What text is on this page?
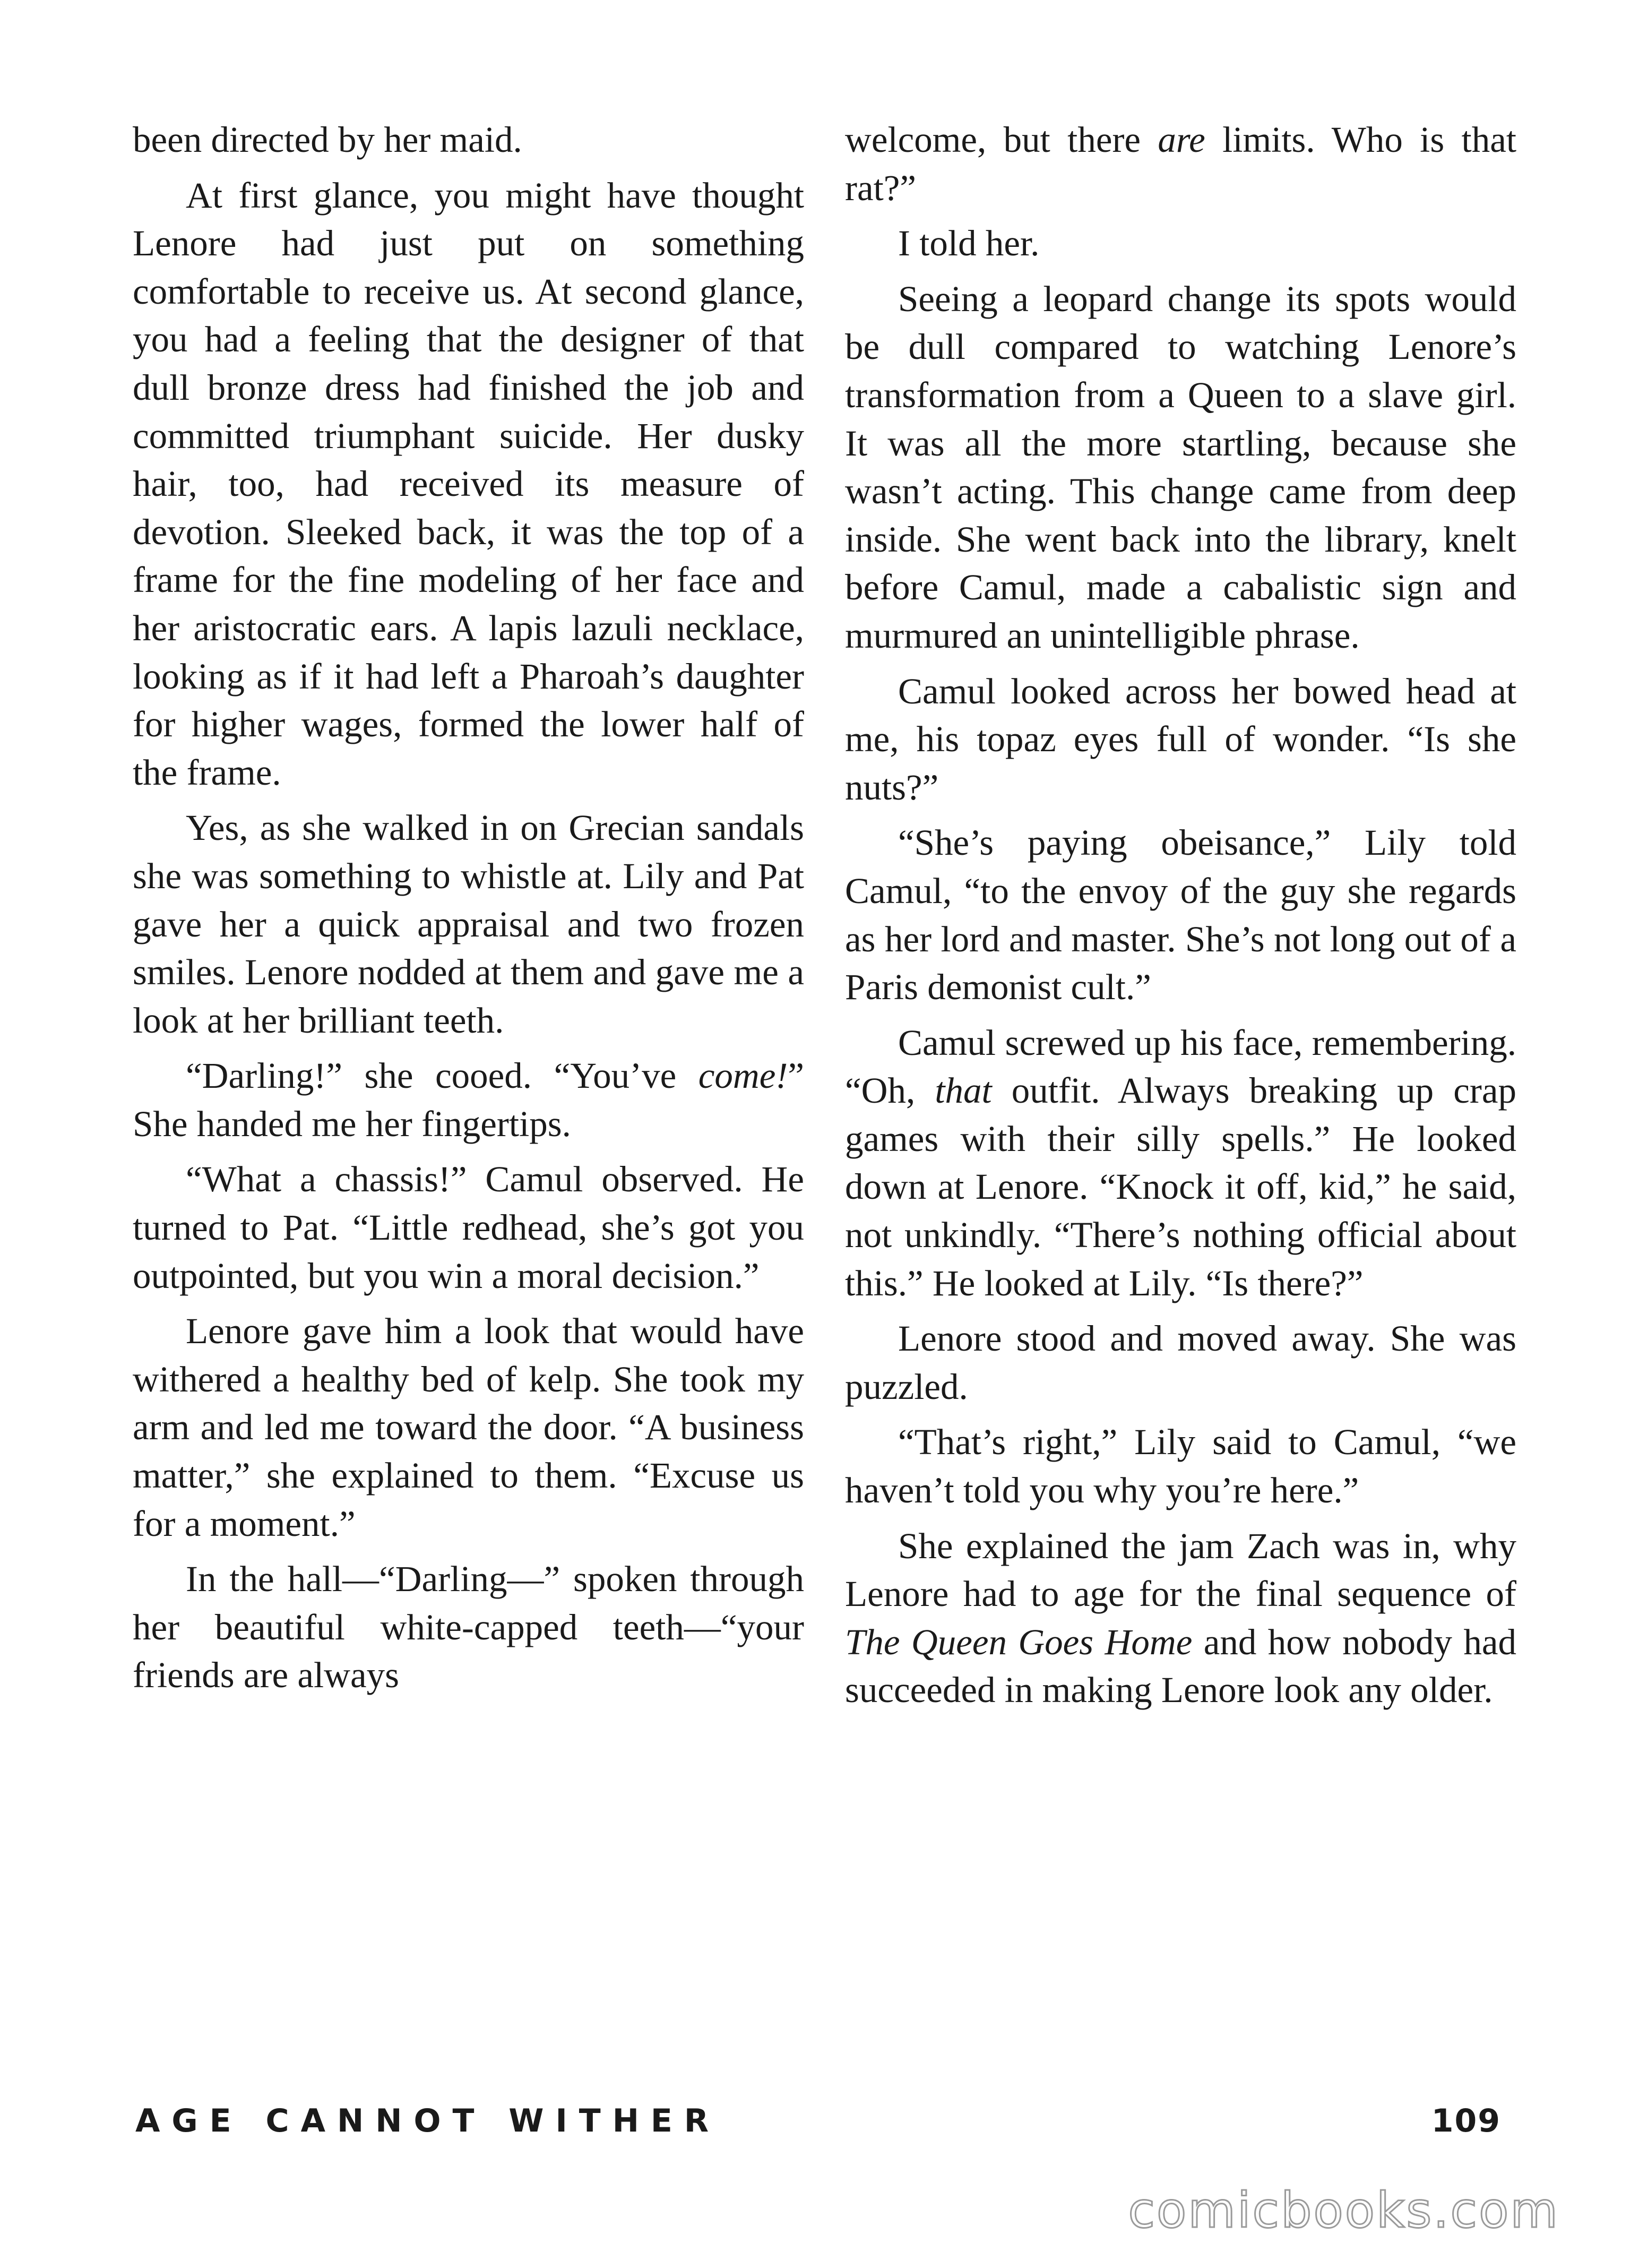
been directed by her maid.

At first glance, you might have thought Lenore had just put on something comfortable to receive us. At second glance, you had a feeling that the designer of that dull bronze dress had finished the job and committed triumphant suicide. Her dusky hair, too, had received its measure of devotion. Sleeked back, it was the top of a frame for the fine modeling of her face and her aristocratic ears. A lapis lazuli necklace, looking as if it had left a Pharoah’s daughter for higher wages, formed the lower half of the frame.

Yes, as she walked in on Grecian sandals she was something to whistle at. Lily and Pat gave her a quick appraisal and two frozen smiles. Lenore nodded at them and gave me a look at her brilliant teeth.

“Darling!” she cooed. “You’ve come!” She handed me her fingertips.

“What a chassis!” Camul observed. He turned to Pat. “Little redhead, she’s got you outpointed, but you win a moral decision.”

Lenore gave him a look that would have withered a healthy bed of kelp. She took my arm and led me toward the door. “A business matter,” she explained to them. “Excuse us for a moment.”

In the hall—“Darling—” spoken through her beautiful white-capped teeth—“your friends are always

welcome, but there are limits. Who is that rat?”

I told her.

Seeing a leopard change its spots would be dull compared to watching Lenore’s transformation from a Queen to a slave girl. It was all the more startling, because she wasn’t acting. This change came from deep inside. She went back into the library, knelt before Camul, made a cabalistic sign and murmured an unintelligible phrase.

Camul looked across her bowed head at me, his topaz eyes full of wonder. “Is she nuts?”

“She’s paying obeisance,” Lily told Camul, “to the envoy of the guy she regards as her lord and master. She’s not long out of a Paris demonist cult.”

Camul screwed up his face, remembering. “Oh, that outfit. Always breaking up crap games with their silly spells.” He looked down at Lenore. “Knock it off, kid,” he said, not unkindly. “There’s nothing official about this.” He looked at Lily. “Is there?”

Lenore stood and moved away. She was puzzled.

“That’s right,” Lily said to Camul, “we haven’t told you why you’re here.”

She explained the jam Zach was in, why Lenore had to age for the final sequence of The Queen Goes Home and how nobody had succeeded in making Lenore look any older.

AGE CANNOT WITHER	109
comicbooks.com
